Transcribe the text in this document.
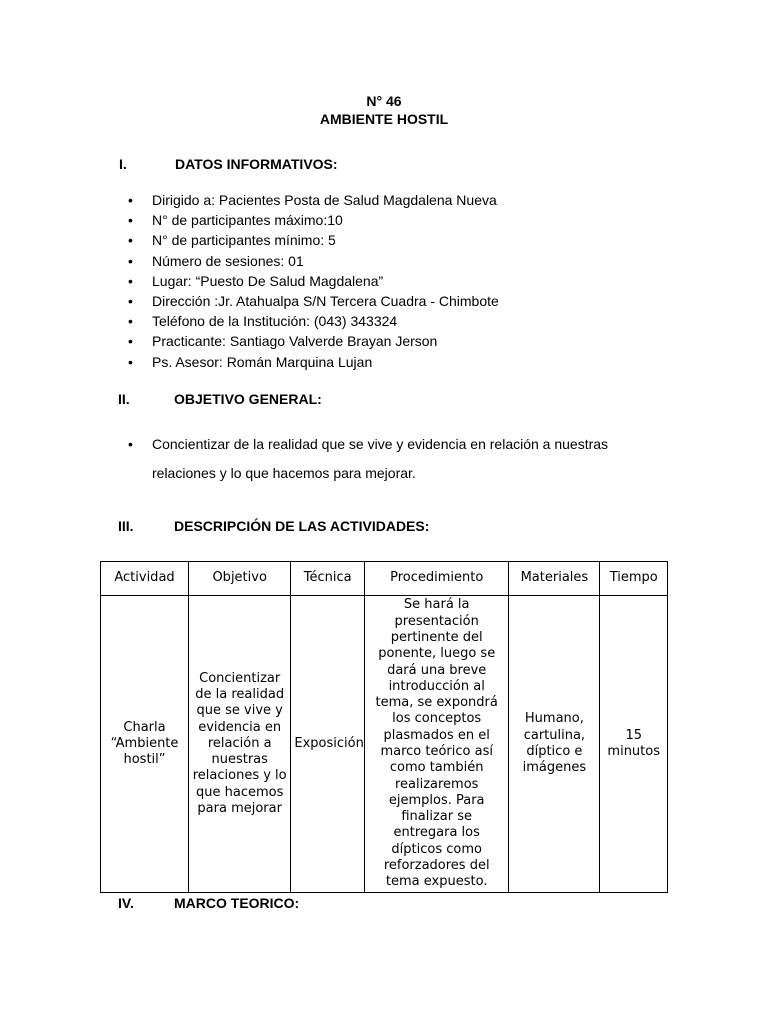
N° 46
AMBIENTE HOSTIL
I.	DATOS INFORMATIVOS:
• Dirigido a: Pacientes Posta de Salud Magdalena Nueva
• N° de participantes máximo:10
• N° de participantes mínimo: 5
• Número de sesiones: 01
• Lugar: “Puesto De Salud Magdalena”
• Dirección :Jr. Atahualpa S/N Tercera Cuadra - Chimbote
• Teléfono de la Institución: (043) 343324
• Practicante: Santiago Valverde Brayan Jerson
• Ps. Asesor: Román Marquina Lujan
II.	OBJETIVO GENERAL:
• Concientizar de la realidad que se vive y evidencia en relación a nuestras relaciones y lo que hacemos para mejorar.
III.	DESCRIPCIÓN DE LAS ACTIVIDADES:
Actividad	Objetivo	Técnica	Procedimiento	Materiales	Tiempo
Charla “Ambiente hostil”	Concientizar de la realidad que se vive y evidencia en relación a nuestras relaciones y lo que hacemos para mejorar	Exposición	Se hará la presentación pertinente del ponente, luego se dará una breve introducción al tema, se expondrá los conceptos plasmados en el marco teórico así como también realizaremos ejemplos. Para finalizar se entregara los dípticos como reforzadores del tema expuesto.	Humano, cartulina, díptico e imágenes	15 minutos
IV.	MARCO TEORICO:
